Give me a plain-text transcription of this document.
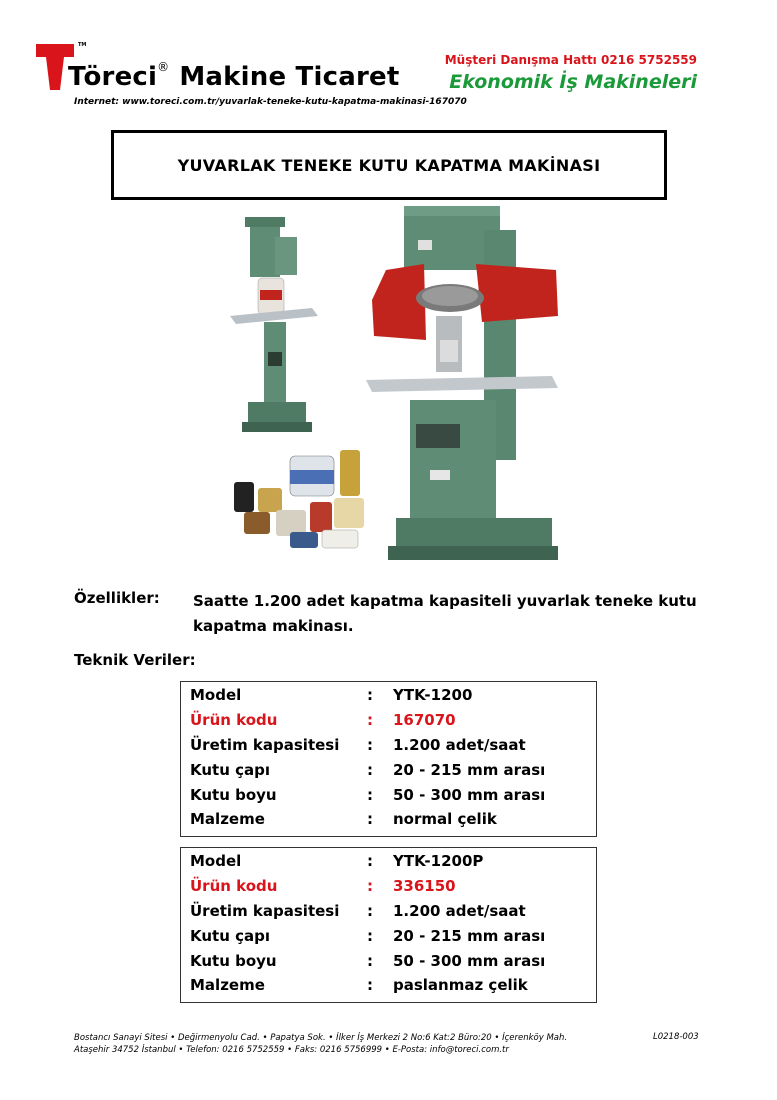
TM
Töreci® Makine Ticaret
Müşteri Danışma Hattı 0216 5752559
Ekonomik İş Makineleri
Internet: www.toreci.com.tr/yuvarlak-teneke-kutu-kapatma-makinasi-167070
YUVARLAK TENEKE KUTU KAPATMA MAKİNASI
Özellikler: Saatte 1.200 adet kapatma kapasiteli yuvarlak teneke kutu kapatma makinası.
Teknik Veriler:
Model	:	YTK-1200
Ürün kodu	:	167070
Üretim kapasitesi	:	1.200 adet/saat
Kutu çapı	:	20 - 215 mm arası
Kutu boyu	:	50 - 300 mm arası
Malzeme	:	normal çelik
Model	:	YTK-1200P
Ürün kodu	:	336150
Üretim kapasitesi	:	1.200 adet/saat
Kutu çapı	:	20 - 215 mm arası
Kutu boyu	:	50 - 300 mm arası
Malzeme	:	paslanmaz çelik
Bostancı Sanayi Sitesi • Değirmenyolu Cad. • Papatya Sok. • İlker İş Merkezi 2 No:6 Kat:2 Büro:20 • İçerenköy Mah.
Ataşehir 34752 İstanbul • Telefon: 0216 5752559 • Faks: 0216 5756999 • E-Posta: info@toreci.com.tr
L0218-003
